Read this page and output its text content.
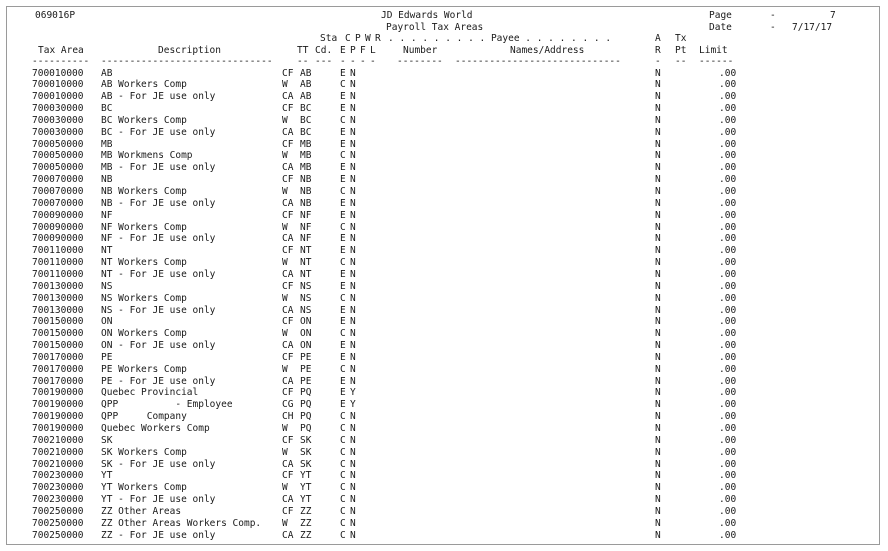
069016P	JD Edwards World	Page	-	7
Payroll Tax Areas	Date	- 7/17/17
Sta C P W R . . . . . . . . . Payee . . . . . . . .	A Tx
Tax Area	Description	TT Cd. E P F L	Number	Names/Address	R Pt Limit
---------- ------------------------------	-- --- - - - - -------- -----------------------------	- -- ------
700010000 AB	CF AB	E N	N	.00
700010000 AB Workers Comp	W AB	C N	N	.00
700010000 AB - For JE use only	CA AB	E N	N	.00
700030000 BC	CF BC	E N	N	.00
700030000 BC Workers Comp	W BC	C N	N	.00
700030000 BC - For JE use only	CA BC	E N	N	.00
700050000 MB	CF MB	E N	N	.00
700050000 MB Workmens Comp	W MB	C N	N	.00
700050000 MB - For JE use only	CA MB	E N	N	.00
700070000 NB	CF NB	E N	N	.00
700070000 NB Workers Comp	W NB	C N	N	.00
700070000 NB - For JE use only	CA NB	E N	N	.00
700090000 NF	CF NF	E N	N	.00
700090000 NF Workers Comp	W NF	C N	N	.00
700090000 NF - For JE use only	CA NF	E N	N	.00
700110000 NT	CF NT	E N	N	.00
700110000 NT Workers Comp	W NT	C N	N	.00
700110000 NT - For JE use only	CA NT	E N	N	.00
700130000 NS	CF NS	E N	N	.00
700130000 NS Workers Comp	W NS	C N	N	.00
700130000 NS - For JE use only	CA NS	E N	N	.00
700150000 ON	CF ON	E N	N	.00
700150000 ON Workers Comp	W ON	C N	N	.00
700150000 ON - For JE use only	CA ON	E N	N	.00
700170000 PE	CF PE	E N	N	.00
700170000 PE Workers Comp	W PE	C N	N	.00
700170000 PE - For JE use only	CA PE	E N	N	.00
700190000 Quebec Provincial	CF PQ	E Y	N	.00
700190000 QPP          - Employee	CG PQ	E Y	N	.00
700190000 QPP     Company	CH PQ	C N	N	.00
700190000 Quebec Workers Comp	W PQ	C N	N	.00
700210000 SK	CF SK	C N	N	.00
700210000 SK Workers Comp	W SK	C N	N	.00
700210000 SK - For JE use only	CA SK	C N	N	.00
700230000 YT	CF YT	C N	N	.00
700230000 YT Workers Comp	W YT	C N	N	.00
700230000 YT - For JE use only	CA YT	C N	N	.00
700250000 ZZ Other Areas	CF ZZ	C N	N	.00
700250000 ZZ Other Areas Workers Comp. W ZZ	C N	N	.00
700250000 ZZ - For JE use only	CA ZZ	C N	N	.00
